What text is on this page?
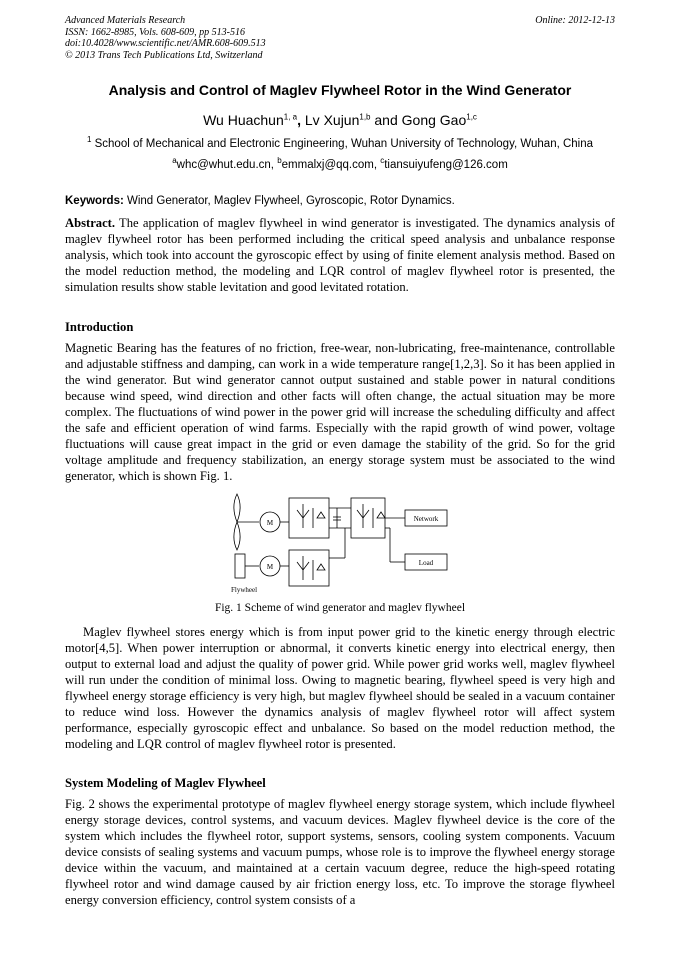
Advanced Materials Research
ISSN: 1662-8985, Vols. 608-609, pp 513-516
doi:10.4028/www.scientific.net/AMR.608-609.513
© 2013 Trans Tech Publications Ltd, Switzerland
Online: 2012-12-13
Analysis and Control of Maglev Flywheel Rotor in the Wind Generator
Wu Huachun$^{1, a}$, Lv Xujun$^{1,b}$ and Gong Gao$^{1,c}$
$^1$ School of Mechanical and Electronic Engineering, Wuhan University of Technology, Wuhan, China
$^a$whc@whut.edu.cn, $^b$emmalxj@qq.com, $^c$tiansuiyufeng@126.com
Keywords: Wind Generator, Maglev Flywheel, Gyroscopic, Rotor Dynamics.

Abstract. The application of maglev flywheel in wind generator is investigated. The dynamics analysis of maglev flywheel rotor has been performed including the critical speed analysis and unbalance response analysis, which took into account the gyroscopic effect by using of finite element analysis method. Based on the model reduction method, the modeling and LQR control of maglev flywheel rotor is presented, the simulation results show stable levitation and good levitated rotation.

Introduction

Magnetic Bearing has the features of no friction, free-wear, non-lubricating, free-maintenance, controllable and adjustable stiffness and damping, can work in a wide temperature range[1,2,3]. So it has been applied in the wind generator. But wind generator cannot output sustained and stable power in natural conditions because wind speed, wind direction and other facts will often change, the actual situation may be more complex. The fluctuations of wind power in the power grid will increase the scheduling difficulty and affect the safe and efficient operation of wind farms. Especially with the rapid growth of wind power, voltage fluctuations will cause great impact in the grid or even damage the stability of the grid. So for the grid voltage amplitude and frequency stabilization, an energy storage system must be associated to the wind generator, which is shown Fig. 1.

M
M
Network
Load
Flywheel
Fig. 1 Scheme of wind generator and maglev flywheel

Maglev flywheel stores energy which is from input power grid to the kinetic energy through electric motor[4,5]. When power interruption or abnormal, it converts kinetic energy into electrical energy, then output to external load and adjust the quality of power grid. While power grid works well, maglev flywheel will run under the condition of minimal loss. Owing to magnetic bearing, flywheel speed is very high and flywheel energy storage efficiency is very high, but maglev flywheel should be sealed in a vacuum container to reduce wind loss. However the dynamics analysis of maglev flywheel rotor will affect system performance, especially gyroscopic effect and unbalance. So based on the model reduction method, the modeling and LQR control of maglev flywheel rotor is presented.

System Modeling of Maglev Flywheel

Fig. 2 shows the experimental prototype of maglev flywheel energy storage system, which include flywheel energy storage devices, control systems, and vacuum devices. Maglev flywheel device is the core of the system which includes the flywheel rotor, support systems, sensors, cooling system components. Vacuum device consists of sealing systems and vacuum pumps, whose role is to improve the flywheel energy storage device within the vacuum, and maintained at a certain vacuum degree, reduce the high-speed rotating flywheel rotor and wind damage caused by air friction energy loss, etc. To improve the storage flywheel energy conversion efficiency, control system consists of a
